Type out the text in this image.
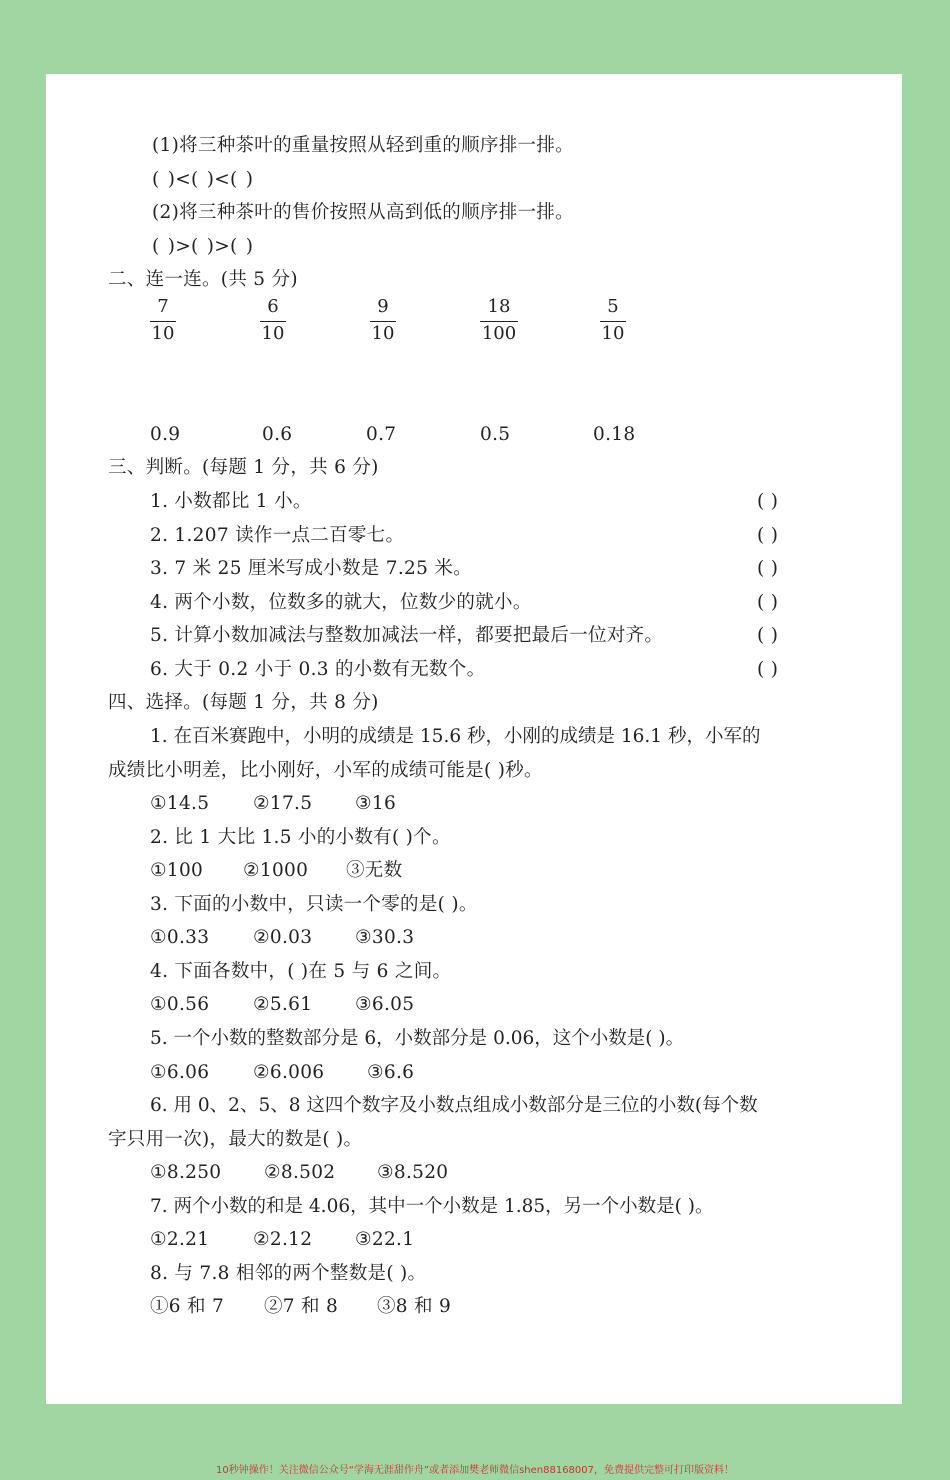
(1)将三种茶叶的重量按照从轻到重的顺序排一排。
( )<( )<( )
(2)将三种茶叶的售价按照从高到低的顺序排一排。
( )>( )>( )
二、连一连。(共 5 分)
7
10
6
10
9
10
18
100
5
10
0.9	0.6	0.7	0.5	0.18
三、判断。(每题 1 分，共 6 分)
1. 小数都比 1 小。	( )
2. 1.207 读作一点二百零七。	( )
3. 7 米 25 厘米写成小数是 7.25 米。	( )
4. 两个小数，位数多的就大，位数少的就小。	( )
5. 计算小数加减法与整数加减法一样，都要把最后一位对齐。	( )
6. 大于 0.2 小于 0.3 的小数有无数个。	( )
四、选择。(每题 1 分，共 8 分)
1. 在百米赛跑中，小明的成绩是 15.6 秒，小刚的成绩是 16.1 秒，小军的
成绩比小明差，比小刚好，小军的成绩可能是( )秒。
①14.5 ②17.5 ③16
2. 比 1 大比 1.5 小的小数有( )个。
①100 ②1000 ③无数
3. 下面的小数中，只读一个零的是( )。
①0.33 ②0.03 ③30.3
4. 下面各数中，( )在 5 与 6 之间。
①0.56 ②5.61 ③6.05
5. 一个小数的整数部分是 6，小数部分是 0.06，这个小数是( )。
①6.06 ②6.006 ③6.6
6. 用 0、2、5、8 这四个数字及小数点组成小数部分是三位的小数(每个数
字只用一次)，最大的数是( )。
①8.250 ②8.502 ③8.520
7. 两个小数的和是 4.06，其中一个小数是 1.85，另一个小数是( )。
①2.21 ②2.12 ③22.1
8. 与 7.8 相邻的两个整数是( )。
①6 和 7 ②7 和 8 ③8 和 9
10秒钟操作！关注微信公众号“学海无涯甜作舟”或者添加樊老师微信shen88168007，免费提供完整可打印版资料！
